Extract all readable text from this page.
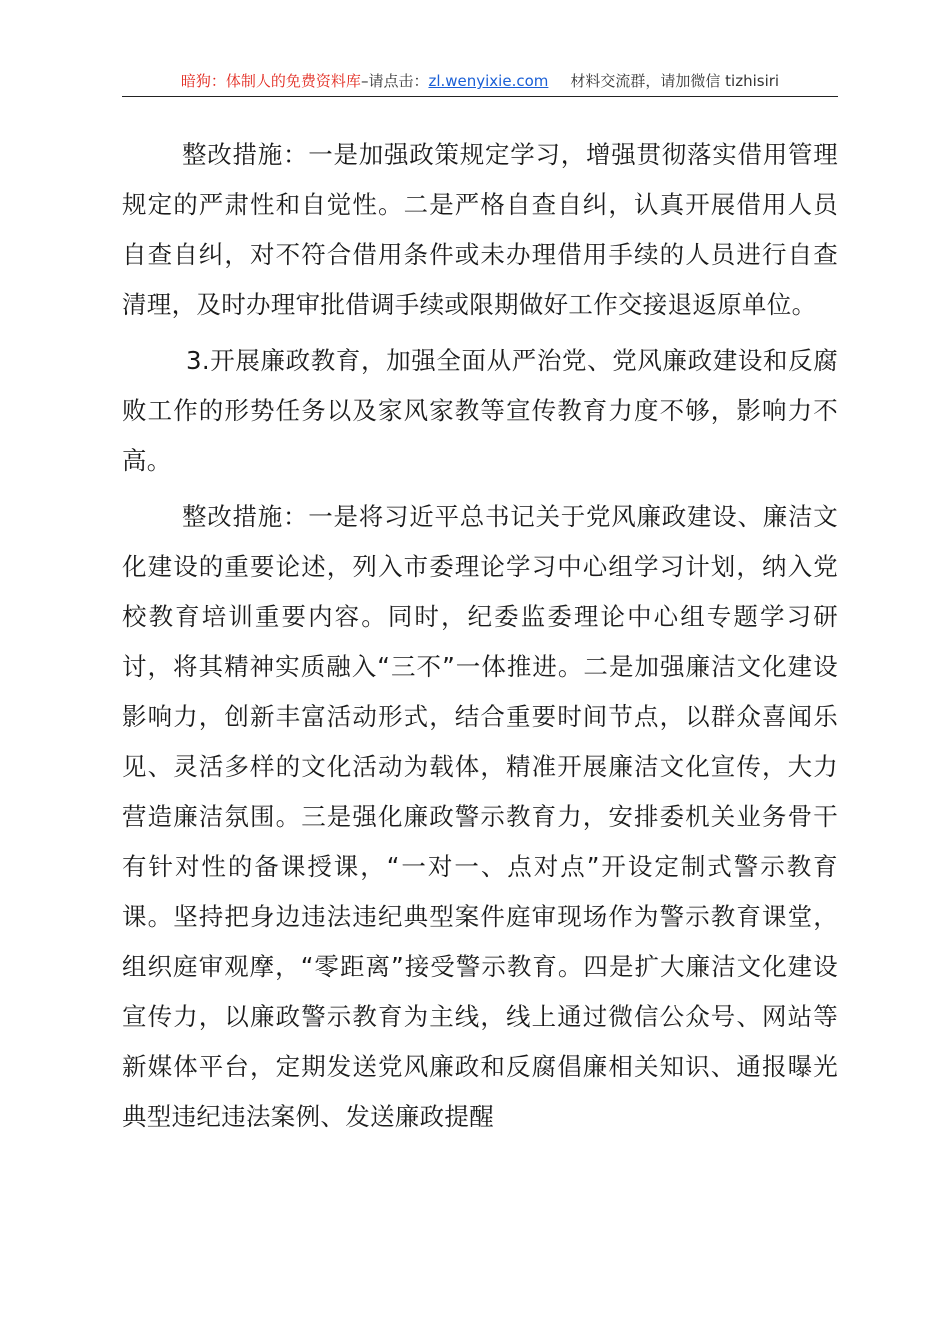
暗狗：体制人的免费资料库–请点击：zl.wenyixie.com 材料交流群，请加微信 tizhisiri

整改措施：一是加强政策规定学习，增强贯彻落实借用管理规定的严肃性和自觉性。二是严格自查自纠，认真开展借用人员自查自纠，对不符合借用条件或未办理借用手续的人员进行自查清理，及时办理审批借调手续或限期做好工作交接退返原单位。

3.开展廉政教育，加强全面从严治党、党风廉政建设和反腐败工作的形势任务以及家风家教等宣传教育力度不够，影响力不高。

整改措施：一是将习近平总书记关于党风廉政建设、廉洁文化建设的重要论述，列入市委理论学习中心组学习计划，纳入党校教育培训重要内容。同时，纪委监委理论中心组专题学习研讨，将其精神实质融入“三不”一体推进。二是加强廉洁文化建设影响力，创新丰富活动形式，结合重要时间节点，以群众喜闻乐见、灵活多样的文化活动为载体，精准开展廉洁文化宣传，大力营造廉洁氛围。三是强化廉政警示教育力，安排委机关业务骨干有针对性的备课授课，“一对一、点对点”开设定制式警示教育课。坚持把身边违法违纪典型案件庭审现场作为警示教育课堂，组织庭审观摩，“零距离”接受警示教育。四是扩大廉洁文化建设宣传力，以廉政警示教育为主线，线上通过微信公众号、网站等新媒体平台，定期发送党风廉政和反腐倡廉相关知识、通报曝光典型违纪违法案例、发送廉政提醒
